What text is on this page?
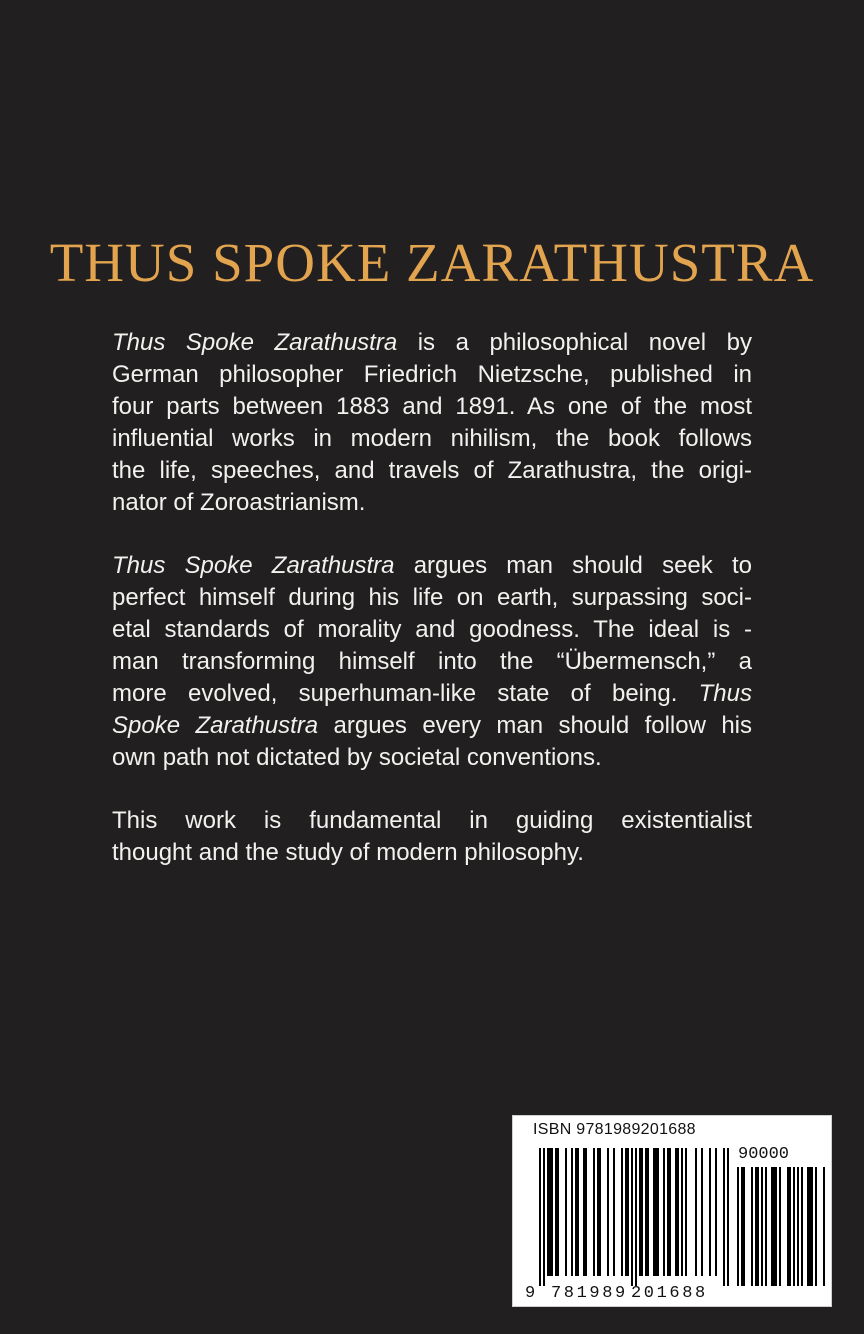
THUS SPOKE ZARATHUSTRA
Thus Spoke Zarathustra is a philosophical novel by
German philosopher Friedrich Nietzsche, published in
four parts between 1883 and 1891. As one of the most
influential works in modern nihilism, the book follows
the life, speeches, and travels of Zarathustra, the origi-
nator of Zoroastrianism.
Thus Spoke Zarathustra argues man should seek to
perfect himself during his life on earth, surpassing soci-
etal standards of morality and goodness. The ideal is -
man transforming himself into the “Übermensch,” a
more evolved, superhuman-like state of being. Thus
Spoke Zarathustra argues every man should follow his
own path not dictated by societal conventions.
This work is fundamental in guiding existentialist
thought and the study of modern philosophy.
ISBN 9781989201688
90000
9 781989 201688
